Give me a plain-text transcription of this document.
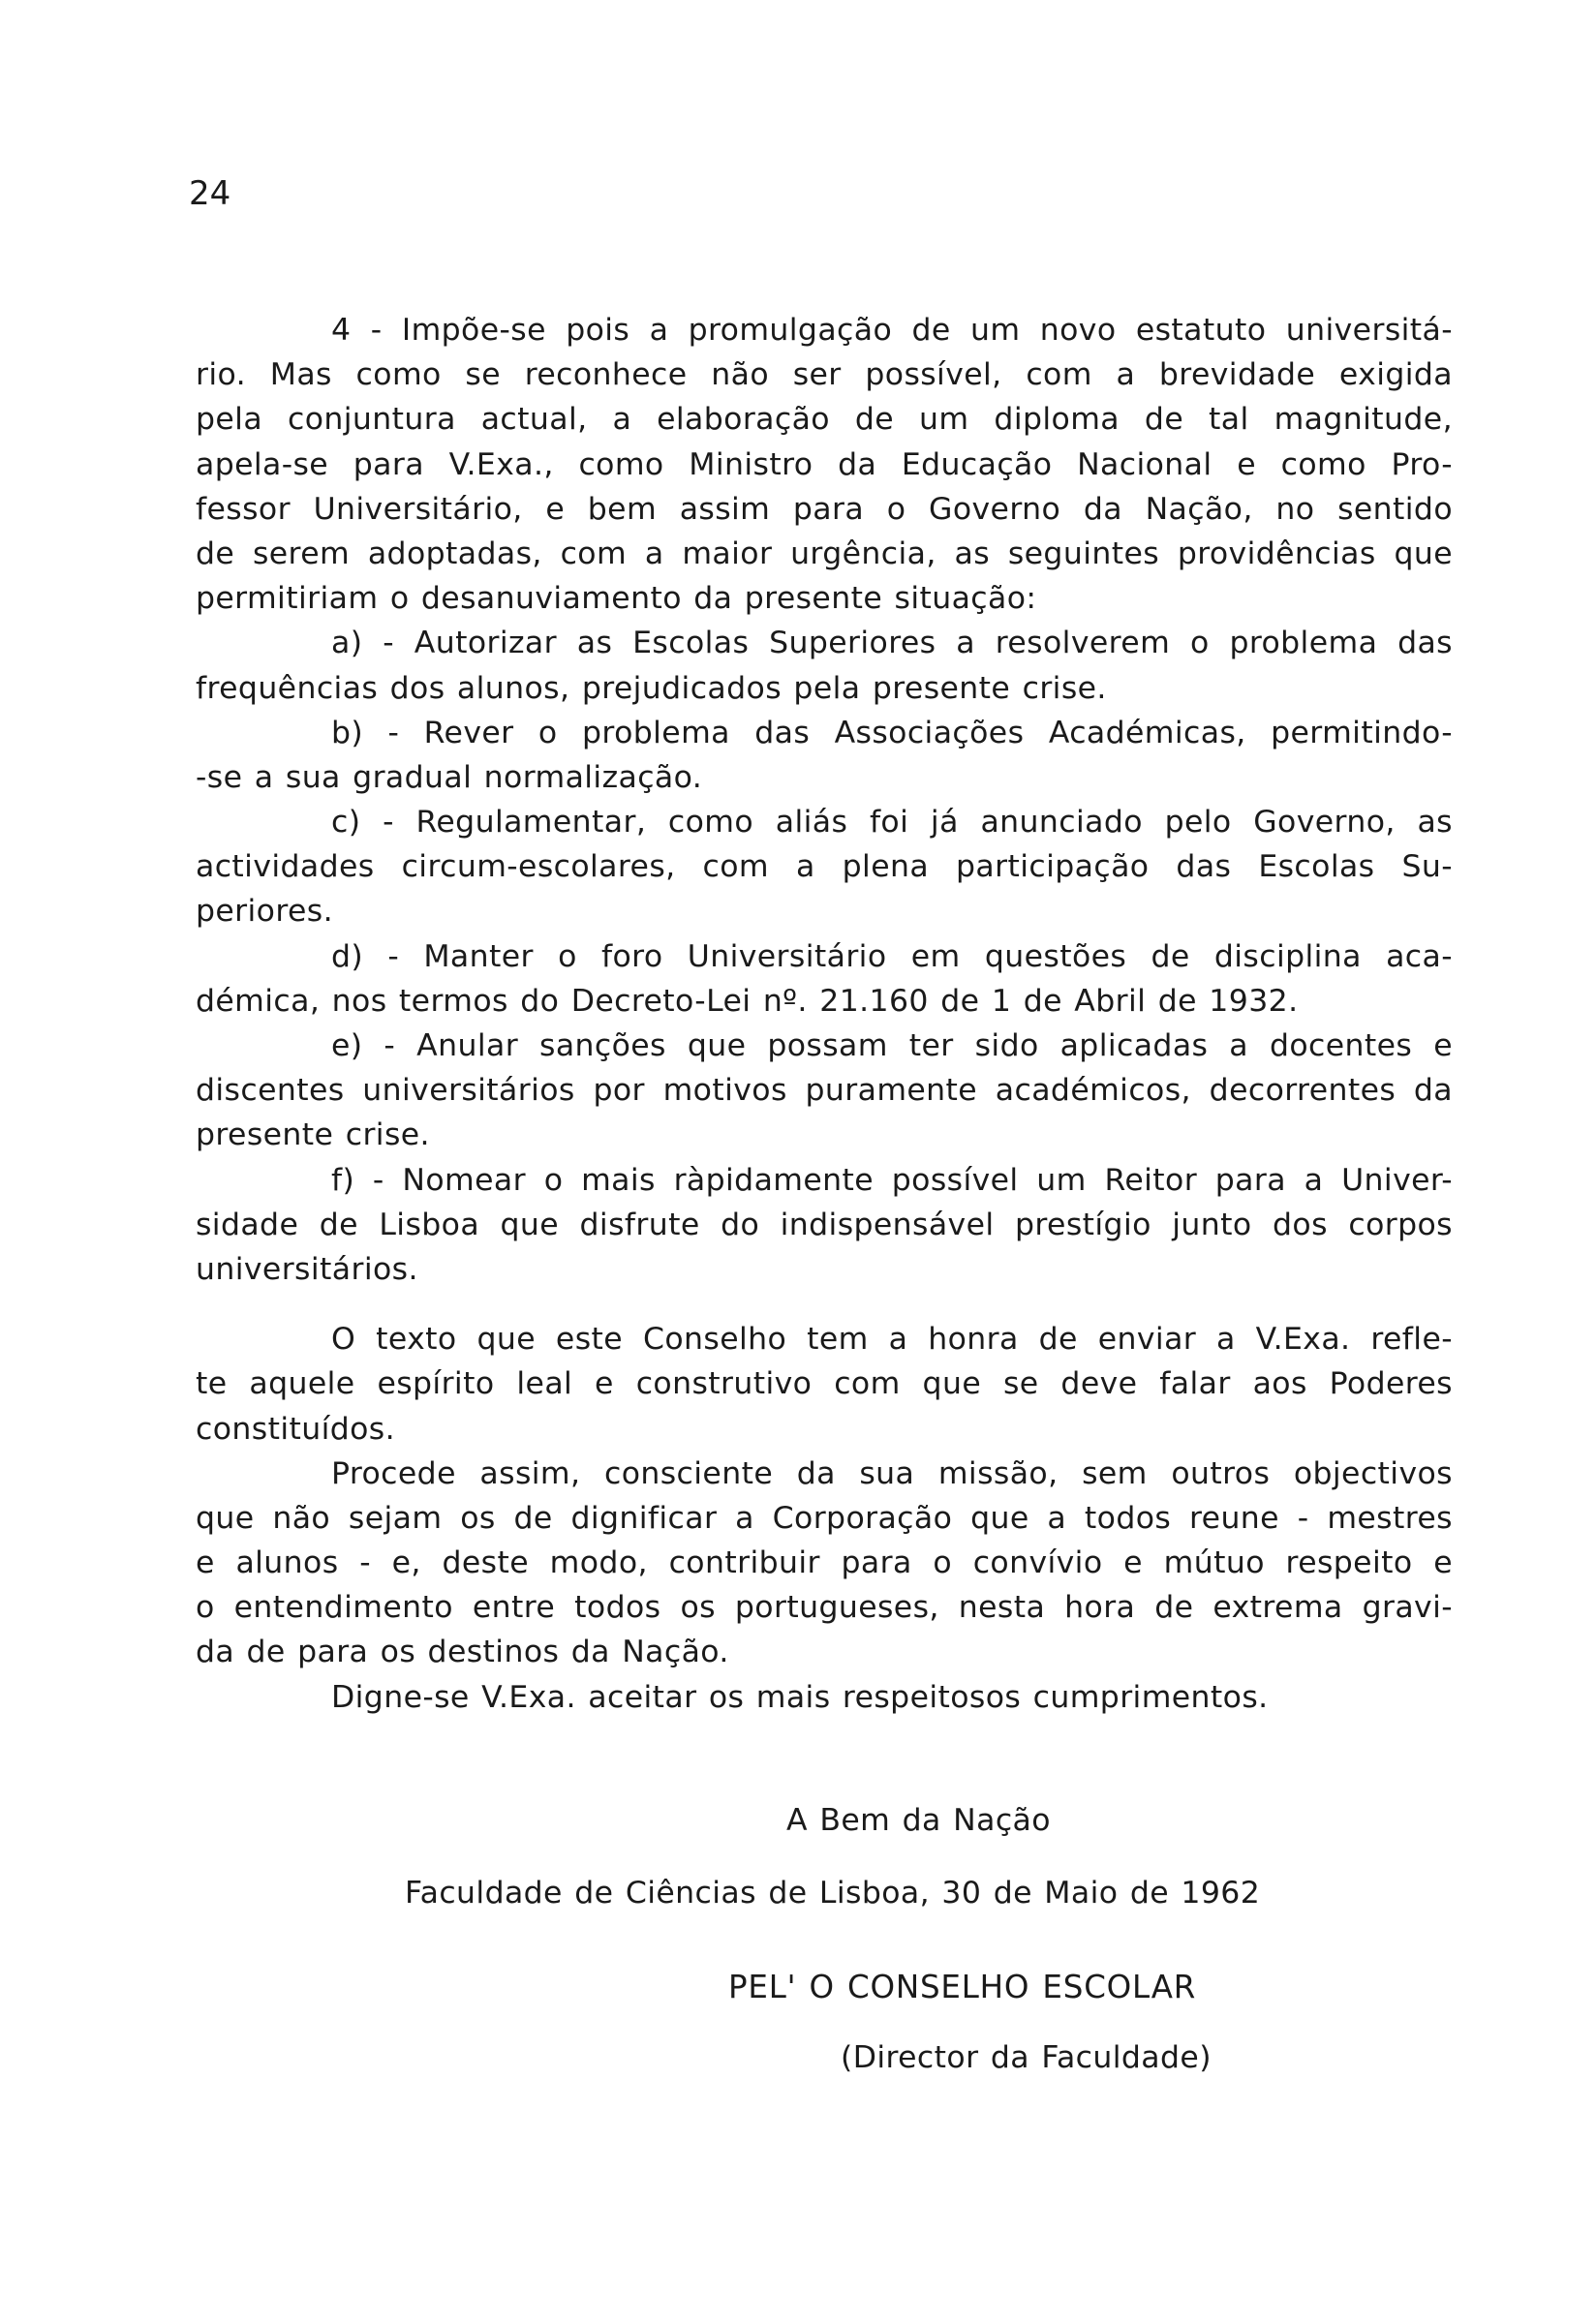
24
4 - Impõe-se pois a promulgação de um novo estatuto universitá-
rio. Mas como se reconhece não ser possível, com a brevidade exigida
pela conjuntura actual, a elaboração de um diploma de tal magnitude,
apela-se para V.Exa., como Ministro da Educação Nacional e como Pro-
fessor Universitário, e bem assim para o Governo da Nação, no sentido
de serem adoptadas, com a maior urgência, as seguintes providências que
permitiriam o desanuviamento da presente situação:
a) - Autorizar as Escolas Superiores a resolverem o problema das
frequências dos alunos, prejudicados pela presente crise.
b) - Rever o problema das Associações Académicas, permitindo-
-se a sua gradual normalização.
c) - Regulamentar, como aliás foi já anunciado pelo Governo, as
actividades circum-escolares, com a plena participação das Escolas Su-
periores.
d) - Manter o foro Universitário em questões de disciplina aca-
démica, nos termos do Decreto-Lei nº. 21.160 de 1 de Abril de 1932.
e) - Anular sanções que possam ter sido aplicadas a docentes e
discentes universitários por motivos puramente académicos, decorrentes da
presente crise.
f) - Nomear o mais ràpidamente possível um Reitor para a Univer-
sidade de Lisboa que disfrute do indispensável prestígio junto dos corpos
universitários.
O texto que este Conselho tem a honra de enviar a V.Exa. refle-
te aquele espírito leal e construtivo com que se deve falar aos Poderes
constituídos.
Procede assim, consciente da sua missão, sem outros objectivos
que não sejam os de dignificar a Corporação que a todos reune - mestres
e alunos - e, deste modo, contribuir para o convívio e mútuo respeito e
o entendimento entre todos os portugueses, nesta hora de extrema gravi-
da de para os destinos da Nação.
Digne-se V.Exa. aceitar os mais respeitosos cumprimentos.
A Bem da Nação
Faculdade de Ciências de Lisboa, 30 de Maio de 1962
PEL' O CONSELHO ESCOLAR
(Director da Faculdade)
